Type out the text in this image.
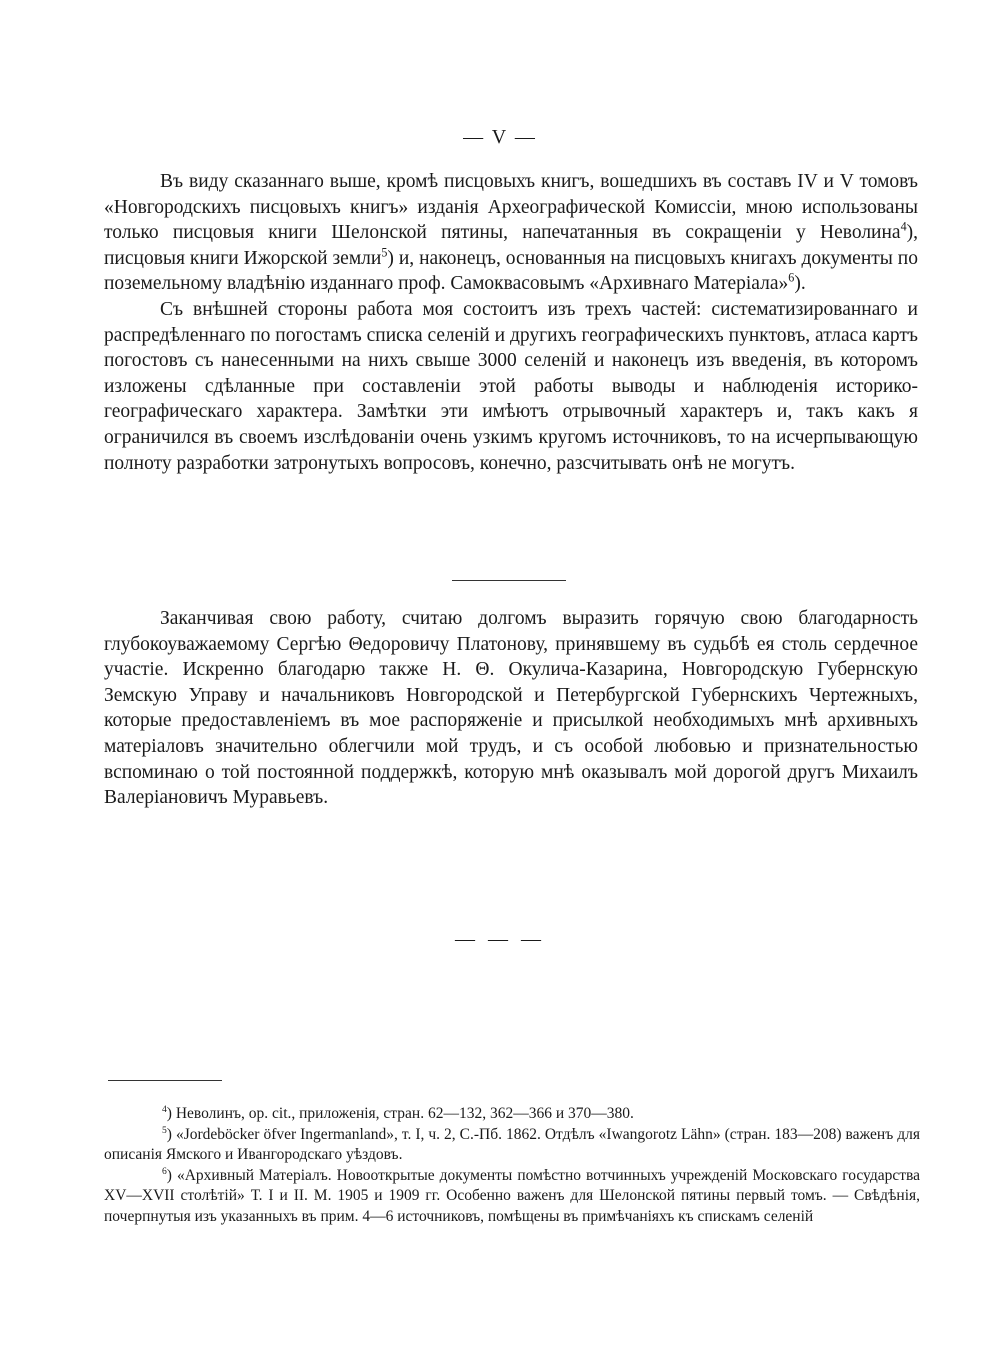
— V —

Въ виду сказаннаго выше, кромѣ писцовыхъ книгъ, вошедшихъ въ составъ IV и V томовъ «Новгородскихъ писцовыхъ книгъ» изданія Археографической Комиссіи, мною использованы только писцовыя книги Шелонской пятины, напечатанныя въ сокращеніи у Неволина$^4$), писцовыя книги Ижорской земли$^5$) и, наконецъ, основанныя на писцовыхъ книгахъ документы по поземельному владѣнію изданнаго проф. Самоквасовымъ «Архивнаго Матеріала»$^6$).

Съ внѣшней стороны работа моя состоитъ изъ трехъ частей: систематизированнаго и распредѣленнаго по погостамъ списка селеній и другихъ географическихъ пунктовъ, атласа картъ погостовъ съ нанесенными на нихъ свыше 3000 селеній и наконецъ изъ введенія, въ которомъ изложены сдѣланные при составленіи этой работы выводы и наблюденія историко-географическаго характера. Замѣтки эти имѣютъ отрывочный характеръ и, такъ какъ я ограничился въ своемъ изслѣдованіи очень узкимъ кругомъ источниковъ, то на исчерпывающую полноту разработки затронутыхъ вопросовъ, конечно, разсчитывать онѣ не могутъ.

Заканчивая свою работу, считаю долгомъ выразить горячую свою благодарность глубокоуважаемому Сергѣю Θедоровичу Платонову, принявшему въ судьбѣ ея столь сердечное участіе. Искренно благодарю также Н. Θ. Окулича-Казарина, Новгородскую Губернскую Земскую Управу и начальниковъ Новгородской и Петербургской Губернскихъ Чертежныхъ, которые предоставленіемъ въ мое распоряженіе и присылкой необходимыхъ мнѣ архивныхъ матеріаловъ значительно облегчили мой трудъ, и съ особой любовью и признательностью вспоминаю о той постоянной поддержкѣ, которую мнѣ оказывалъ мой дорогой другъ Михаилъ Валеріановичъ Муравьевъ.

— — —

$^4$) Неволинъ, op. cit., приложенія, стран. 62—132, 362—366 и 370—380.

$^5$) «Jordeböcker öfver Ingermanland», т. I, ч. 2, С.-Пб. 1862. Отдѣлъ «Iwangorotz Lähn» (стран. 183—208) важенъ для описанія Ямского и Ивангородскаго уѣздовъ.

$^6$) «Архивный Матеріалъ. Новооткрытые документы помѣстно вотчинныхъ учрежденій Московскаго государства XV—XVII столѣтій» Т. I и II. М. 1905 и 1909 гг. Особенно важенъ для Шелонской пятины первый томъ. — Свѣдѣнія, почерпнутыя изъ указанныхъ въ прим. 4—6 источниковъ, помѣщены въ примѣчаніяхъ къ спискамъ селеній
